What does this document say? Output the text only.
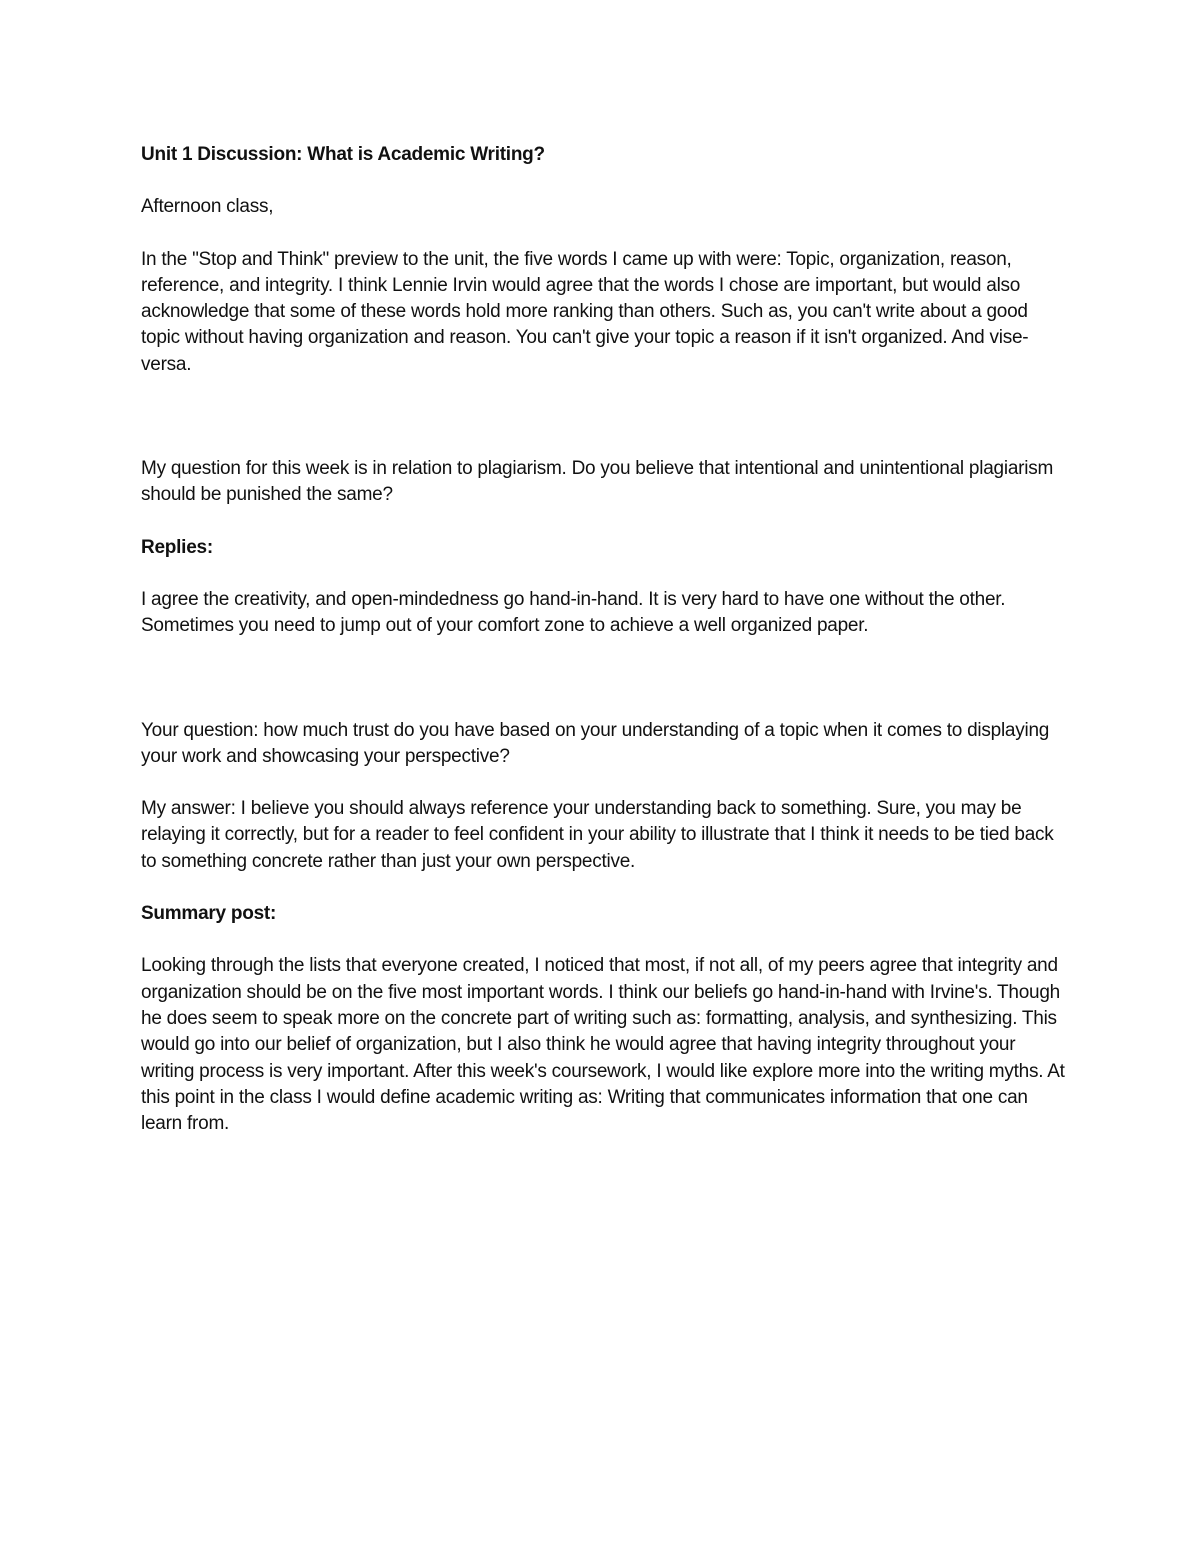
Unit 1 Discussion: What is Academic Writing?

Afternoon class,

In the "Stop and Think" preview to the unit, the five words I came up with were: Topic, organization, reason, reference, and integrity. I think Lennie Irvin would agree that the words I chose are important, but would also acknowledge that some of these words hold more ranking than others. Such as, you can't write about a good topic without having organization and reason. You can't give your topic a reason if it isn't organized. And vise-versa.

My question for this week is in relation to plagiarism. Do you believe that intentional and unintentional plagiarism should be punished the same?

Replies:

I agree the creativity, and open-mindedness go hand-in-hand. It is very hard to have one without the other. Sometimes you need to jump out of your comfort zone to achieve a well organized paper.

Your question: how much trust do you have based on your understanding of a topic when it comes to displaying your work and showcasing your perspective?

My answer: I believe you should always reference your understanding back to something. Sure, you may be relaying it correctly, but for a reader to feel confident in your ability to illustrate that I think it needs to be tied back to something concrete rather than just your own perspective.

Summary post:

Looking through the lists that everyone created, I noticed that most, if not all, of my peers agree that integrity and organization should be on the five most important words. I think our beliefs go hand-in-hand with Irvine's. Though he does seem to speak more on the concrete part of writing such as: formatting, analysis, and synthesizing. This would go into our belief of organization, but I also think he would agree that having integrity throughout your writing process is very important. After this week's coursework, I would like explore more into the writing myths. At this point in the class I would define academic writing as: Writing that communicates information that one can learn from.
